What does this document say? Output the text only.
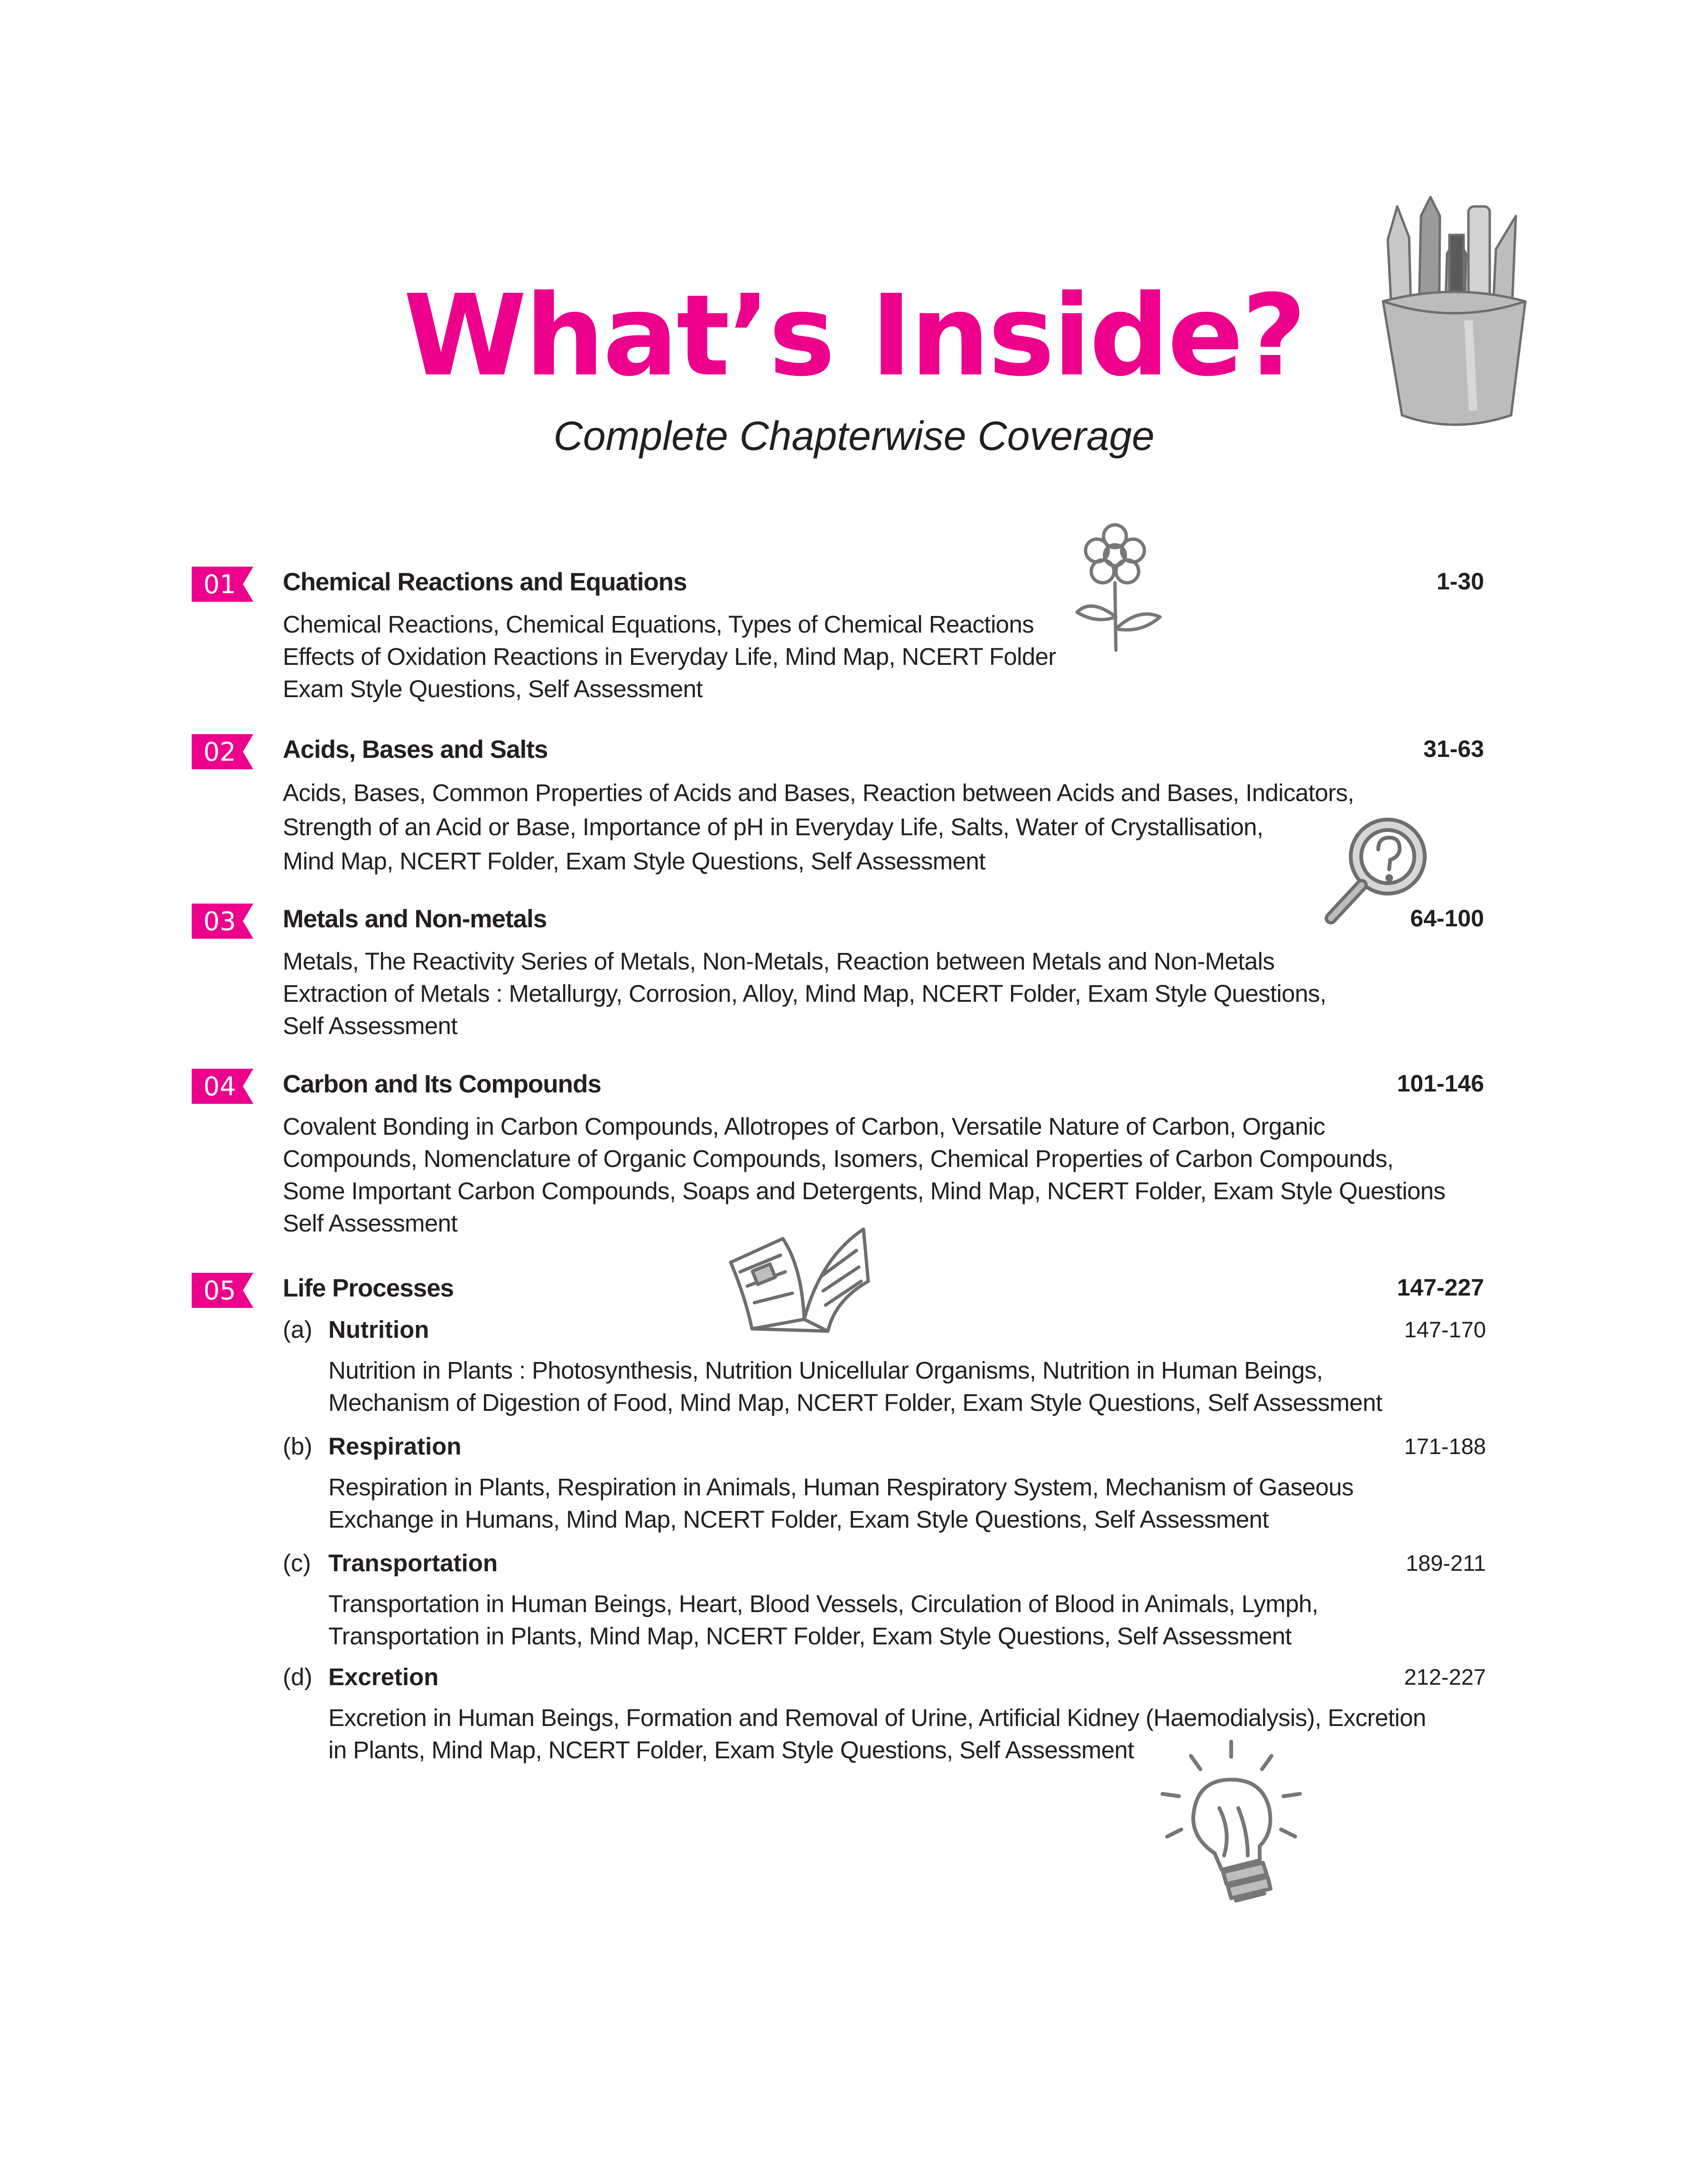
What’s Inside?
Complete Chapterwise Coverage
01	Chemical Reactions and Equations	1-30
Chemical Reactions, Chemical Equations, Types of Chemical Reactions
Effects of Oxidation Reactions in Everyday Life, Mind Map, NCERT Folder
Exam Style Questions, Self Assessment
02	Acids, Bases and Salts	31-63
Acids, Bases, Common Properties of Acids and Bases, Reaction between Acids and Bases, Indicators,
Strength of an Acid or Base, Importance of pH in Everyday Life, Salts, Water of Crystallisation,
Mind Map, NCERT Folder, Exam Style Questions, Self Assessment
03	Metals and Non-metals	64-100
Metals, The Reactivity Series of Metals, Non-Metals, Reaction between Metals and Non-Metals
Extraction of Metals : Metallurgy, Corrosion, Alloy, Mind Map, NCERT Folder, Exam Style Questions,
Self Assessment
04	Carbon and Its Compounds	101-146
Covalent Bonding in Carbon Compounds, Allotropes of Carbon, Versatile Nature of Carbon, Organic
Compounds, Nomenclature of Organic Compounds, Isomers, Chemical Properties of Carbon Compounds,
Some Important Carbon Compounds, Soaps and Detergents, Mind Map, NCERT Folder, Exam Style Questions
Self Assessment
05	Life Processes	147-227
(a) Nutrition	147-170
Nutrition in Plants : Photosynthesis, Nutrition Unicellular Organisms, Nutrition in Human Beings,
Mechanism of Digestion of Food, Mind Map, NCERT Folder, Exam Style Questions, Self Assessment
(b) Respiration	171-188
Respiration in Plants, Respiration in Animals, Human Respiratory System, Mechanism of Gaseous
Exchange in Humans, Mind Map, NCERT Folder, Exam Style Questions, Self Assessment
(c) Transportation	189-211
Transportation in Human Beings, Heart, Blood Vessels, Circulation of Blood in Animals, Lymph,
Transportation in Plants, Mind Map, NCERT Folder, Exam Style Questions, Self Assessment
(d) Excretion	212-227
Excretion in Human Beings, Formation and Removal of Urine, Artificial Kidney (Haemodialysis), Excretion
in Plants, Mind Map, NCERT Folder, Exam Style Questions, Self Assessment
